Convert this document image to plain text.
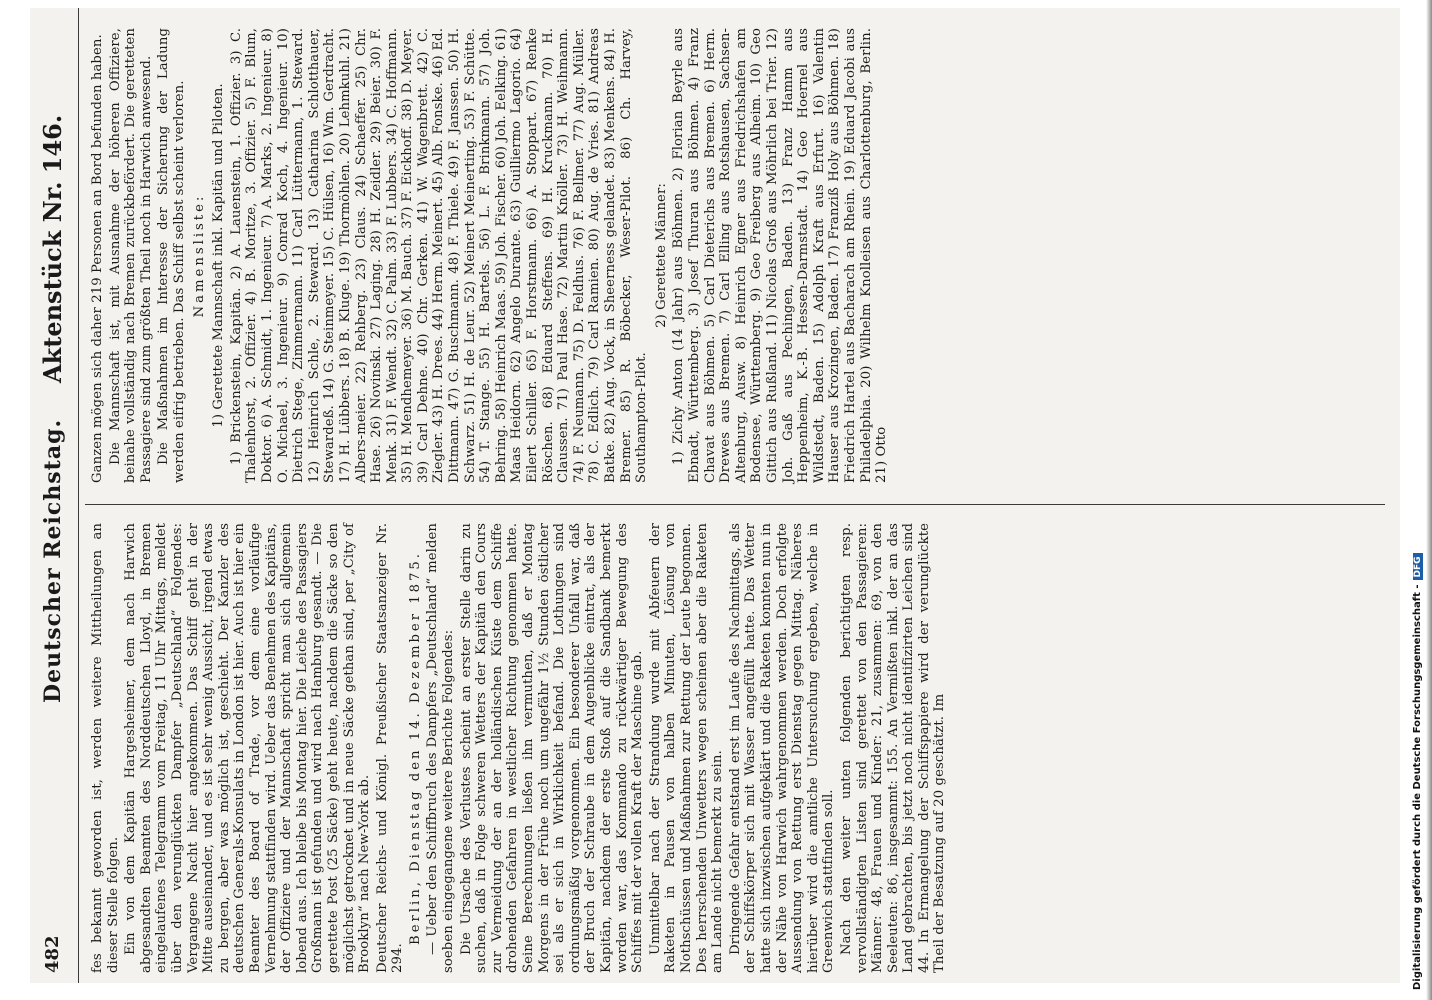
482
Deutscher Reichstag.
Aktenstück Nr. 146.

fes bekannt geworden ist, werden weitere Mittheilungen an dieser Stelle folgen. Ein von dem Kapitän Hargesheimer, dem nach Harwich abgesandten Beamten des Norddeutschen Lloyd, in Bremen eingelaufenes Telegramm vom Freitag, 11 Uhr Mittags, meldet über den verunglückten Dampfer „Deutschland“ Folgendes: Vergangene Nacht hier angekommen. Das Schiff geht in der Mitte auseinander, und es ist sehr wenig Aussicht, irgend etwas zu bergen, aber was möglich ist, geschieht. Der Kanzler des deutschen Generals-Konsulats in London ist hier. Auch ist hier ein Beamter des Board of Trade, vor dem eine vorläufige Vernehmung stattfinden wird. Ueber das Benehmen des Kapitäns, der Offiziere und der Mannschaft spricht man sich allgemein lobend aus. Ich bleibe bis Montag hier. Die Leiche des Passagiers Großmann ist gefunden und wird nach Hamburg gesandt. — Die gerettete Post (25 Säcke) geht heute, nachdem die Säcke so den möglichst getrocknet und in neue Säcke gethan sind, per „City of Brooklyn“ nach New-York ab. Deutscher Reichs- und Königl. Preußischer Staatsanzeiger Nr. 294.

Berlin, Dienstag den 14. Dezember 1875. — Ueber den Schiffbruch des Dampfers „Deutschland“ melden soeben eingegangene weitere Berichte Folgendes: Die Ursache des Verlustes scheint an erster Stelle darin zu suchen, daß in Folge schweren Wetters der Kapitän den Cours zur Vermeidung der an der holländischen Küste dem Schiffe drohenden Gefahren in westlicher Richtung genommen hatte. Seine Berechnungen ließen ihn vermuthen, daß er Montag Morgens in der Frühe noch um ungefähr 1½ Stunden östlicher sei als er sich in Wirklichkeit befand. Die Lothungen sind ordnungsmäßig vorgenommen. Ein besonderer Unfall war, daß der Bruch der Schraube in dem Augenblicke eintrat, als der Kapitän, nachdem der erste Stoß auf die Sandbank bemerkt worden war, das Kommando zu rückwärtiger Bewegung des Schiffes mit der vollen Kraft der Maschine gab. Unmittelbar nach der Strandung wurde mit Abfeuern der Raketen in Pausen von halben Minuten, Lösung von Nothschüssen und Maßnahmen zur Rettung der Leute begonnen. Des herrschenden Unwetters wegen scheinen aber die Raketen am Lande nicht bemerkt zu sein. Dringende Gefahr entstand erst im Laufe des Nachmittags, als der Schiffskörper sich mit Wasser angefüllt hatte. Das Wetter hatte sich inzwischen aufgeklärt und die Raketen konnten nun in der Nähe von Harwich wahrgenommen werden. Doch erfolgte Aussendung von Rettung erst Dienstag gegen Mittag. Näheres hierüber wird die amtliche Untersuchung ergeben, welche in Greenwich stattfinden soll. Nach den weiter unten folgenden berichtigten resp. vervollständigten Listen sind gerettet von den Passagieren: Männer: 48, Frauen und Kinder: 21, zusammen: 69, von den Seeleuten: 86, insgesammt: 155. An Vermißten inkl. der an das Land gebrachten, bis jetzt noch nicht identifizirten Leichen sind 44. In Ermangelung der Schiffspapiere wird der verunglückte Theil der Besatzung auf 20 geschätzt. Im

Ganzen mögen sich daher 219 Personen an Bord befunden haben. Die Mannschaft ist, mit Ausnahme der höheren Offiziere, beinahe vollständig nach Bremen zurückbefördert. Die geretteten Passagiere sind zum größten Theil noch in Harwich anwesend. Die Maßnahmen im Interesse der Sicherung der Ladung werden eifrig betrieben. Das Schiff selbst scheint verloren. Namensliste: 1) Gerettete Mannschaft inkl. Kapitän und Piloten. 1) Brickenstein, Kapitän. 2) A. Lauenstein, 1. Offizier. 3) C. Thalenhorst, 2. Offizier. 4) B. Moritze, 3. Offizier. 5) F. Blum, Doktor. 6) A. Schmidt, 1. Ingenieur. 7) A. Marks, 2. Ingenieur. 8) O. Michael, 3. Ingenieur. 9) Conrad Koch, 4. Ingenieur. 10) Dietrich Stege, Zimmermann. 11) Carl Lüttermann, 1. Steward. 12) Heinrich Schle, 2. Steward. 13) Catharina Schlotthauer, Stewardeß. 14) G. Steinmeyer. 15) C. Hülsen, 16) Wm. Gerdracht. 17) H. Lübbers. 18) B. Kluge. 19) Thormöhlen. 20) Lehmkuhl. 21) Albers-meier. 22) Rehberg. 23) Claus. 24) Schaeffer. 25) Chr. Hase. 26) Novinski. 27) Laging. 28) H. Zeidler. 29) Beier. 30) F. Menk. 31) F. Wendt. 32) C. Palm. 33) F. Lubbers. 34) C. Hoffmann. 35) H. Mendhemeyer. 36) M. Bauch. 37) F. Eickhoff. 38) D. Meyer. 39) Carl Dehne. 40) Chr. Gerken. 41) W. Wagenbrett. 42) C. Ziegler. 43) H. Drees. 44) Herm. Meinert. 45) Alb. Fonske. 46) Ed. Dittmann. 47) G. Buschmann. 48) F. Thiele. 49) F. Janssen. 50) H. Schwarz. 51) H. de Leur. 52) Meinert Meinerting. 53) F. Schütte. 54) T. Stange. 55) H. Bartels. 56) L. F. Brinkmann. 57) Joh. Behring. 58) Heinrich Maas. 59) Joh. Fischer. 60) Joh. Eelking. 61) Maas Heidorn. 62) Angelo Durante. 63) Guilliermo Lagorio. 64) Eilert Schiller. 65) F. Horstmann. 66) A. Stoppart. 67) Renke Röschen. 68) Eduard Steffens. 69) H. Kruckmann. 70) H. Claussen. 71) Paul Hase. 72) Martin Knöller. 73) H. Weihmann. 74) F. Neumann. 75) D. Feldhus. 76) F. Bellmer. 77) Aug. Müller. 78) C. Edlich. 79) Carl Ramien. 80) Aug. de Vries. 81) Andreas Batke. 82) Aug. Vock, in Sheerness gelandet. 83) Menkens. 84) H. Bremer. 85) R. Böbecker, Weser-Pilot. 86) Ch. Harvey, Southampton-Pilot.

2) Gerettete Männer: 1) Zichy Anton (14 Jahr) aus Böhmen. 2) Florian Beyrle aus Ebnadt, Württemberg. 3) Josef Thuran aus Böhmen. 4) Franz Chavat aus Böhmen. 5) Carl Dieterichs aus Bremen. 6) Herm. Drewes aus Bremen. 7) Carl Elling aus Rotshausen, Sachsen-Altenburg, Ausw. 8) Heinrich Egner aus Friedrichshafen am Bodensee, Württemberg. 9) Geo Freiberg aus Alheim. 10) Geo Gittich aus Rußland. 11) Nicolas Groß aus Möhrlich bei Trier. 12) Joh. Gaß aus Pechingen, Baden. 13) Franz Hamm aus Heppenheim, K.-B. Hessen-Darmstadt. 14) Geo Hoernel aus Wildstedt, Baden. 15) Adolph Kraft aus Erfurt. 16) Valentin Hauser aus Krozingen, Baden. 17) Franziß Holy aus Böhmen. 18) Friedrich Hartel aus Bacharach am Rhein. 19) Eduard Jacobi aus Philadelphia. 20) Wilhelm Knolleisen aus Charlottenburg, Berlin. 21) Otto

Digitalisierung gefördert durch die Deutsche Forschungsgemeinschaft -DFG
